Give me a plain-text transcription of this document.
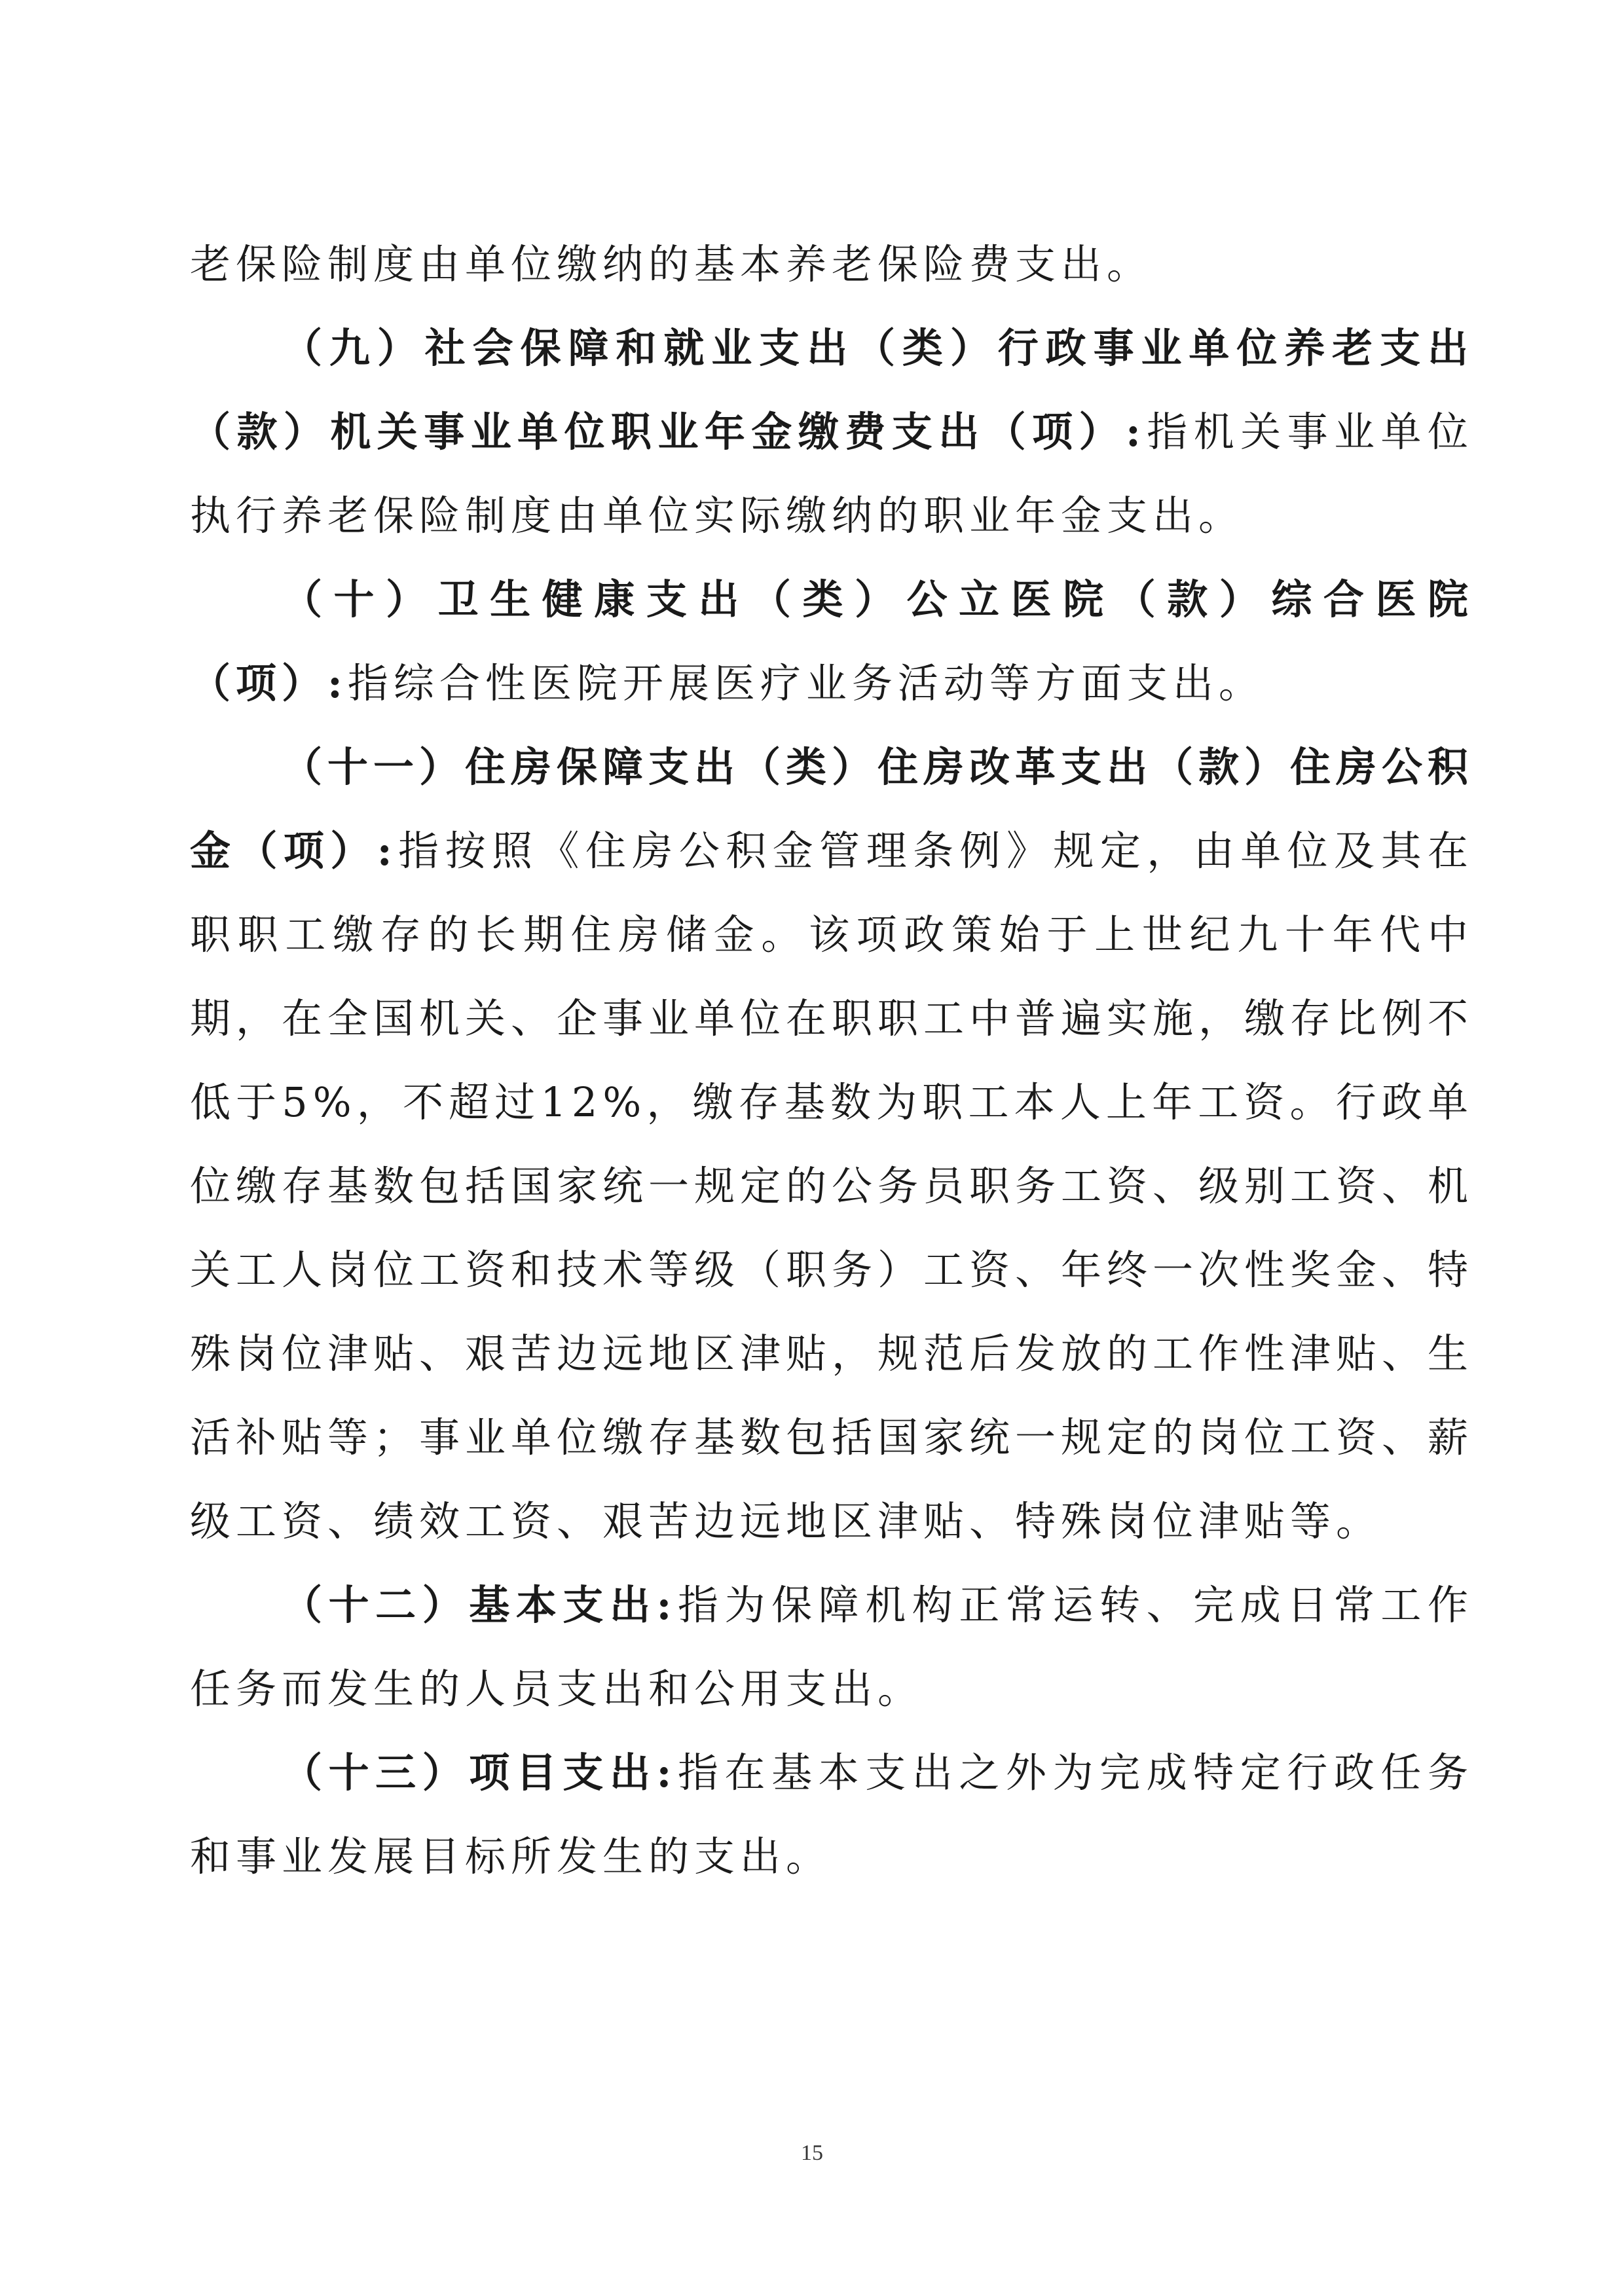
老保险制度由单位缴纳的基本养老保险费支出。

（九）社会保障和就业支出（类）行政事业单位养老支出（款）机关事业单位职业年金缴费支出（项）:指机关事业单位执行养老保险制度由单位实际缴纳的职业年金支出。

（十）卫生健康支出（类）公立医院（款）综合医院（项）:指综合性医院开展医疗业务活动等方面支出。

（十一）住房保障支出（类）住房改革支出（款）住房公积金（项）:指按照《住房公积金管理条例》规定，由单位及其在职职工缴存的长期住房储金。该项政策始于上世纪九十年代中期，在全国机关、企事业单位在职职工中普遍实施，缴存比例不低于5%，不超过12%，缴存基数为职工本人上年工资。行政单位缴存基数包括国家统一规定的公务员职务工资、级别工资、机关工人岗位工资和技术等级（职务）工资、年终一次性奖金、特殊岗位津贴、艰苦边远地区津贴，规范后发放的工作性津贴、生活补贴等；事业单位缴存基数包括国家统一规定的岗位工资、薪级工资、绩效工资、艰苦边远地区津贴、特殊岗位津贴等。

（十二）基本支出:指为保障机构正常运转、完成日常工作任务而发生的人员支出和公用支出。

（十三）项目支出:指在基本支出之外为完成特定行政任务和事业发展目标所发生的支出。

15
